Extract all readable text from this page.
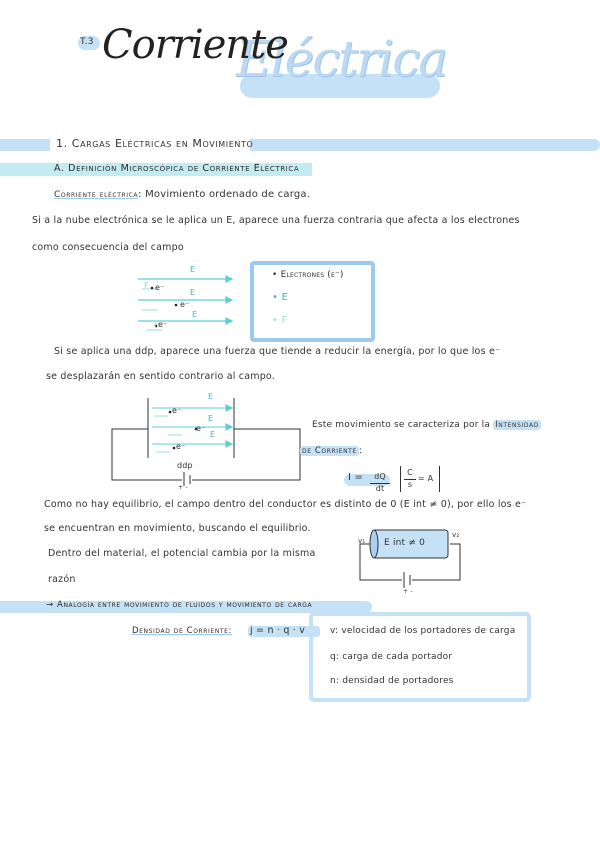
T.3	Eléctrica
Corriente
1. Cargas Eléctricas en Movimiento
A. Definición Microscópica de Corriente Eléctrica
Corriente eléctrica: Movimiento ordenado de carga.
Si a la nube electrónica se le aplica un E, aparece una fuerza contraria que afecta a los electrones
como consecuencia del campo
E
E
E
F
F
e⁻
e⁻
e⁻
• Electrones (e⁻)
• E
• F
Si se aplica una ddp, aparece una fuerza que tiende a reducir la energía, por lo que los e⁻
se desplazarán en sentido contrario al campo.
E
E
E
e⁻
e⁻
e⁻
ddp
+ -
Este movimiento se caracteriza por la Intensidad
de Corriente :
I =	dQ
dt
C
s
= A
Como no hay equilibrio, el campo dentro del conductor es distinto de 0 (E int ≠ 0), por ello los e⁻
se encuentran en movimiento, buscando el equilibrio.
Dentro del material, el potencial cambia por la misma
razón
v₁
v₂
E int ≠ 0
+ -
→ Analogía entre movimiento de fluidos y movimiento de carga
Densidad de Corriente: j = n · q · v	v: velocidad de los portadores de carga
q: carga de cada portador
n: densidad de portadores
